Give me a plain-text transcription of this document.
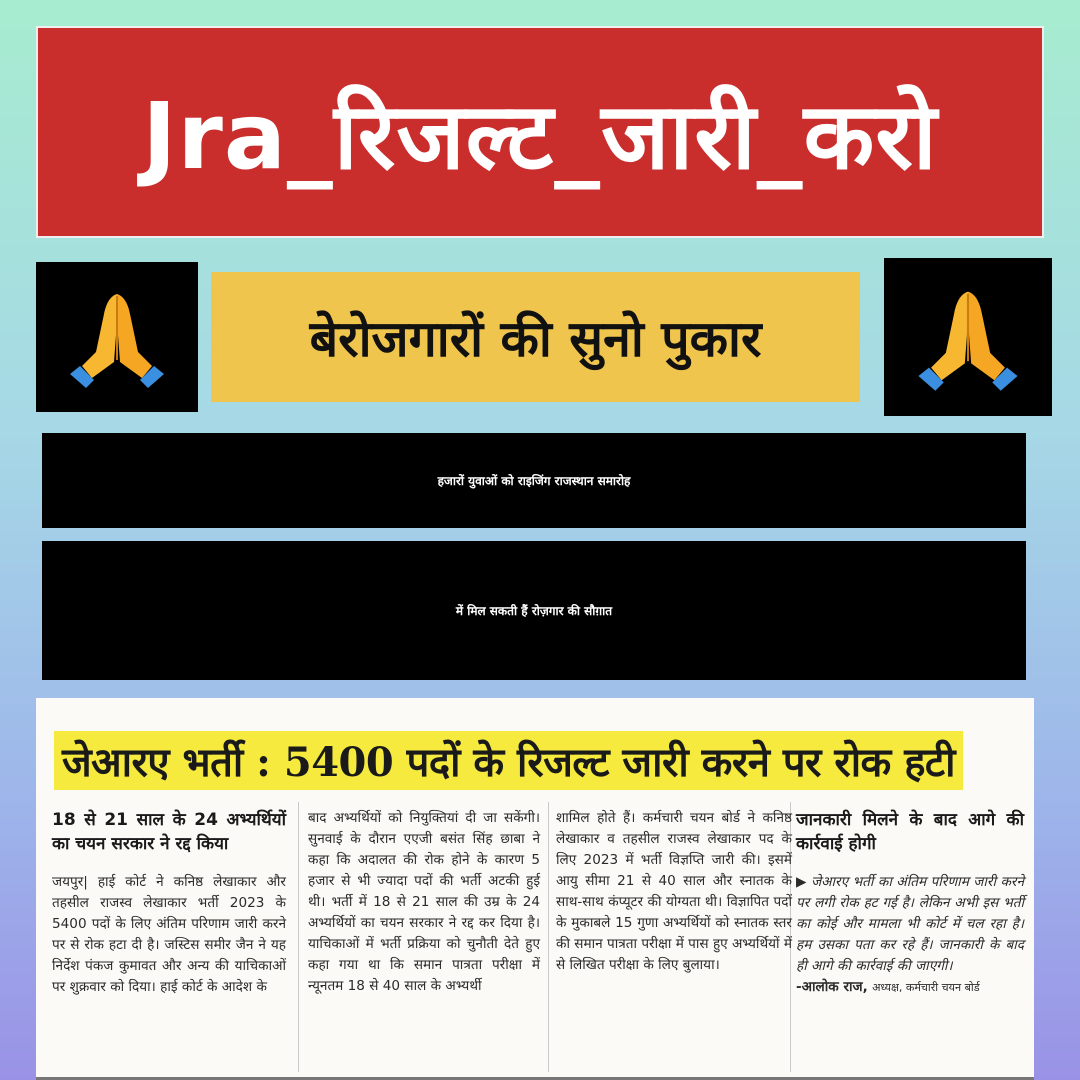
Jra_रिजल्ट_जारी_करो
बेरोजगारों की सुनो पुकार
हजारों युवाओं को राइजिंग राजस्थान समारोह
में मिल सकती हैं रोज़गार की सौग़ात
जेआरए भर्ती : 5400 पदों के रिजल्ट जारी करने पर रोक हटी
18 से 21 साल के 24 अभ्यर्थियों का चयन सरकार ने रद्द किया

जयपुर| हाई कोर्ट ने कनिष्ठ लेखाकार और तहसील राजस्व लेखाकार भर्ती 2023 के 5400 पदों के लिए अंतिम परिणाम जारी करने पर से रोक हटा दी है। जस्टिस समीर जैन ने यह निर्देश पंकज कुमावत और अन्य की याचिकाओं पर शुक्रवार को दिया। हाई कोर्ट के आदेश के

बाद अभ्यर्थियों को नियुक्तियां दी जा सकेंगी। सुनवाई के दौरान एएजी बसंत सिंह छाबा ने कहा कि अदालत की रोक होने के कारण 5 हजार से भी ज्यादा पदों की भर्ती अटकी हुई थी। भर्ती में 18 से 21 साल की उम्र के 24 अभ्यर्थियों का चयन सरकार ने रद्द कर दिया है। याचिकाओं में भर्ती प्रक्रिया को चुनौती देते हुए कहा गया था कि समान पात्रता परीक्षा में न्यूनतम 18 से 40 साल के अभ्यर्थी

शामिल होते हैं। कर्मचारी चयन बोर्ड ने कनिष्ठ लेखाकार व तहसील राजस्व लेखाकार पद के लिए 2023 में भर्ती विज्ञप्ति जारी की। इसमें आयु सीमा 21 से 40 साल और स्नातक के साथ-साथ कंप्यूटर की योग्यता थी। विज्ञापित पदों के मुकाबले 15 गुणा अभ्यर्थियों को स्नातक स्तर की समान पात्रता परीक्षा में पास हुए अभ्यर्थियों में से लिखित परीक्षा के लिए बुलाया।

जानकारी मिलने के बाद आगे की कार्रवाई होगी

▶ जेआरए भर्ती का अंतिम परिणाम जारी करने पर लगी रोक हट गई है। लेकिन अभी इस भर्ती का कोई और मामला भी कोर्ट में चल रहा है। हम उसका पता कर रहे हैं। जानकारी के बाद ही आगे की कार्रवाई की जाएगी।

-आलोक राज, अध्यक्ष, कर्मचारी चयन बोर्ड
